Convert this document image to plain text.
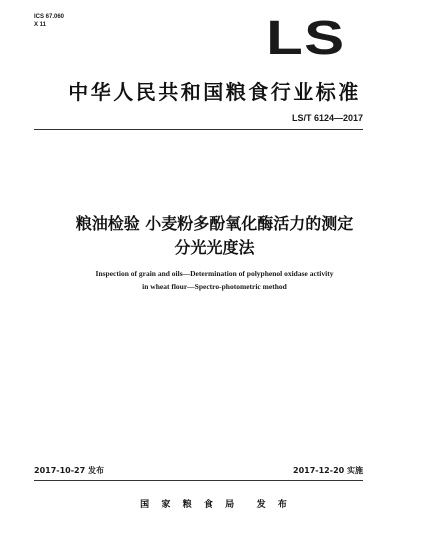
ICS 67.060
X 11	LS
中华人民共和国粮食行业标准
LS/T 6124—2017
粮油检验 小麦粉多酚氧化酶活力的测定
分光光度法
Inspection of grain and oils—Determination of polyphenol oxidase activity
in wheat flour—Spectro-photometric method
2017-10-27 发布	2017-12-20 实施
国  家  粮  食  局    发  布
